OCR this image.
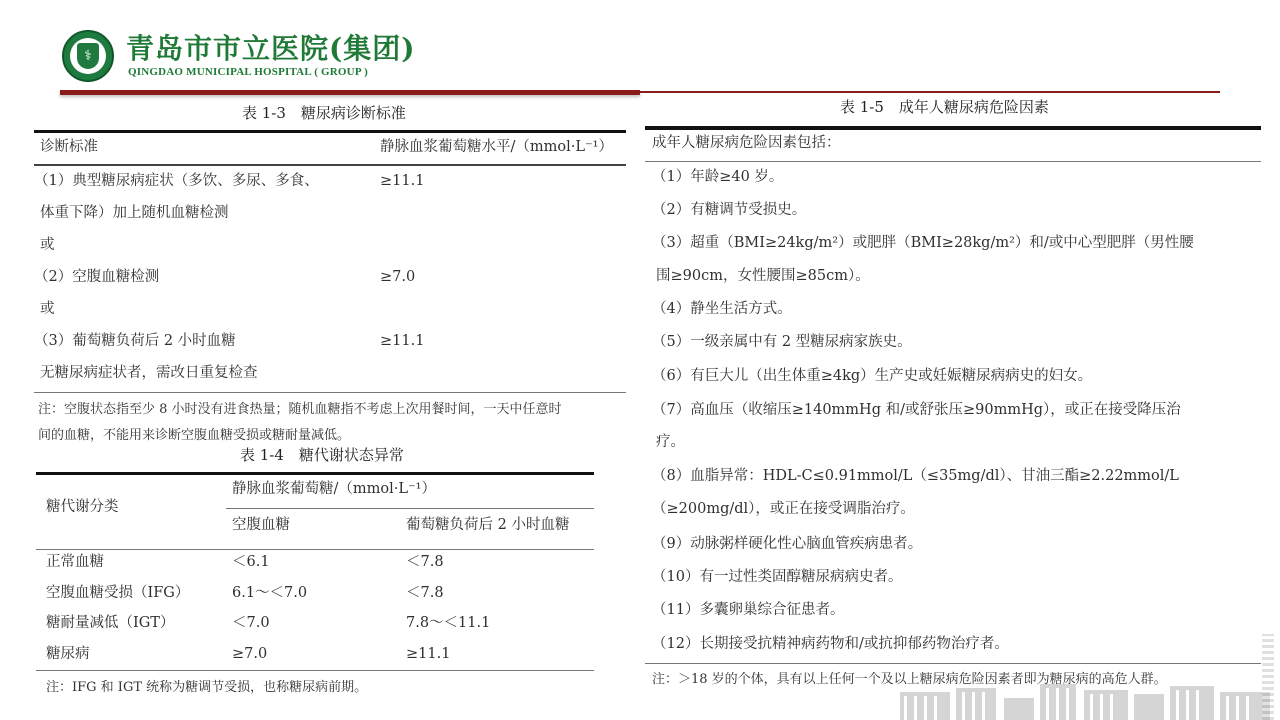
⚕ 青岛市市立医院(集团)
QINGDAO MUNICIPAL HOSPITAL ( GROUP )
表 1-3　糖尿病诊断标准
诊断标准	静脉血浆葡萄糖水平/（mmol·L⁻¹）
（1）典型糖尿病症状（多饮、多尿、多食、	≥11.1
体重下降）加上随机血糖检测
或
（2）空腹血糖检测	≥7.0
或
（3）葡萄糖负荷后 2 小时血糖	≥11.1
无糖尿病症状者，需改日重复检查
注：空腹状态指至少 8 小时没有进食热量；随机血糖指不考虑上次用餐时间，一天中任意时
间的血糖，不能用来诊断空腹血糖受损或糖耐量减低。
表 1-4　糖代谢状态异常
糖代谢分类
静脉血浆葡萄糖/（mmol·L⁻¹）
空腹血糖	葡萄糖负荷后 2 小时血糖
正常血糖	＜6.1	＜7.8
空腹血糖受损（IFG）	6.1～＜7.0	＜7.8
糖耐量减低（IGT）	＜7.0	7.8～＜11.1
糖尿病	≥7.0	≥11.1
注：IFG 和 IGT 统称为糖调节受损，也称糖尿病前期。
表 1-5　成年人糖尿病危险因素
成年人糖尿病危险因素包括：
（1）年龄≥40 岁。
（2）有糖调节受损史。
（3）超重（BMI≥24kg/m²）或肥胖（BMI≥28kg/m²）和/或中心型肥胖（男性腰
围≥90cm，女性腰围≥85cm）。
（4）静坐生活方式。
（5）一级亲属中有 2 型糖尿病家族史。
（6）有巨大儿（出生体重≥4kg）生产史或妊娠糖尿病病史的妇女。
（7）高血压（收缩压≥140mmHg 和/或舒张压≥90mmHg），或正在接受降压治
疗。
（8）血脂异常：HDL-C≤0.91mmol/L（≤35mg/dl）、甘油三酯≥2.22mmol/L
（≥200mg/dl），或正在接受调脂治疗。
（9）动脉粥样硬化性心脑血管疾病患者。
（10）有一过性类固醇糖尿病病史者。
（11）多囊卵巢综合征患者。
（12）长期接受抗精神病药物和/或抗抑郁药物治疗者。
注：＞18 岁的个体，具有以上任何一个及以上糖尿病危险因素者即为糖尿病的高危人群。
